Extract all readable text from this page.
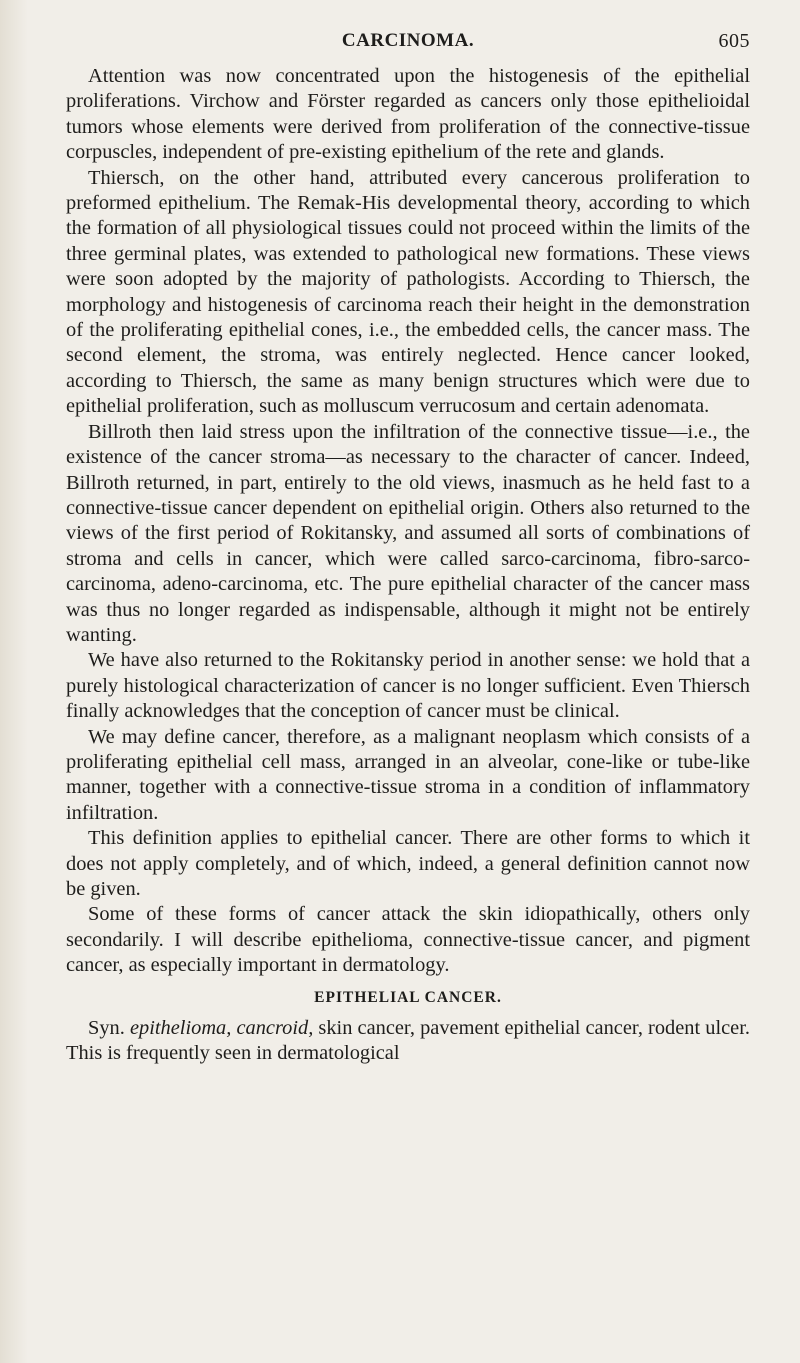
CARCINOMA.	605

Attention was now concentrated upon the histogenesis of the epithelial proliferations. Virchow and Förster regarded as cancers only those epithelioidal tumors whose elements were derived from proliferation of the connective-tissue corpuscles, independent of pre-existing epithelium of the rete and glands.

Thiersch, on the other hand, attributed every cancerous proliferation to preformed epithelium. The Remak-His developmental theory, according to which the formation of all physiological tissues could not proceed within the limits of the three germinal plates, was extended to pathological new formations. These views were soon adopted by the majority of pathologists. According to Thiersch, the morphology and histogenesis of carcinoma reach their height in the demonstration of the proliferating epithelial cones, i.e., the embedded cells, the cancer mass. The second element, the stroma, was entirely neglected. Hence cancer looked, according to Thiersch, the same as many benign structures which were due to epithelial proliferation, such as molluscum verrucosum and certain adenomata.

Billroth then laid stress upon the infiltration of the connective tissue—i.e., the existence of the cancer stroma—as necessary to the character of cancer. Indeed, Billroth returned, in part, entirely to the old views, inasmuch as he held fast to a connective-tissue cancer dependent on epithelial origin. Others also returned to the views of the first period of Rokitansky, and assumed all sorts of combinations of stroma and cells in cancer, which were called sarco-carcinoma, fibro-sarco-carcinoma, adeno-carcinoma, etc. The pure epithelial character of the cancer mass was thus no longer regarded as indispensable, although it might not be entirely wanting.

We have also returned to the Rokitansky period in another sense: we hold that a purely histological characterization of cancer is no longer sufficient. Even Thiersch finally acknowledges that the conception of cancer must be clinical.

We may define cancer, therefore, as a malignant neoplasm which consists of a proliferating epithelial cell mass, arranged in an alveolar, cone-like or tube-like manner, together with a connective-tissue stroma in a condition of inflammatory infiltration.

This definition applies to epithelial cancer. There are other forms to which it does not apply completely, and of which, indeed, a general definition cannot now be given.

Some of these forms of cancer attack the skin idiopathically, others only secondarily. I will describe epithelioma, connective-tissue cancer, and pigment cancer, as especially important in dermatology.

EPITHELIAL CANCER.

Syn. epithelioma, cancroid, skin cancer, pavement epithelial cancer, rodent ulcer. This is frequently seen in dermatological
